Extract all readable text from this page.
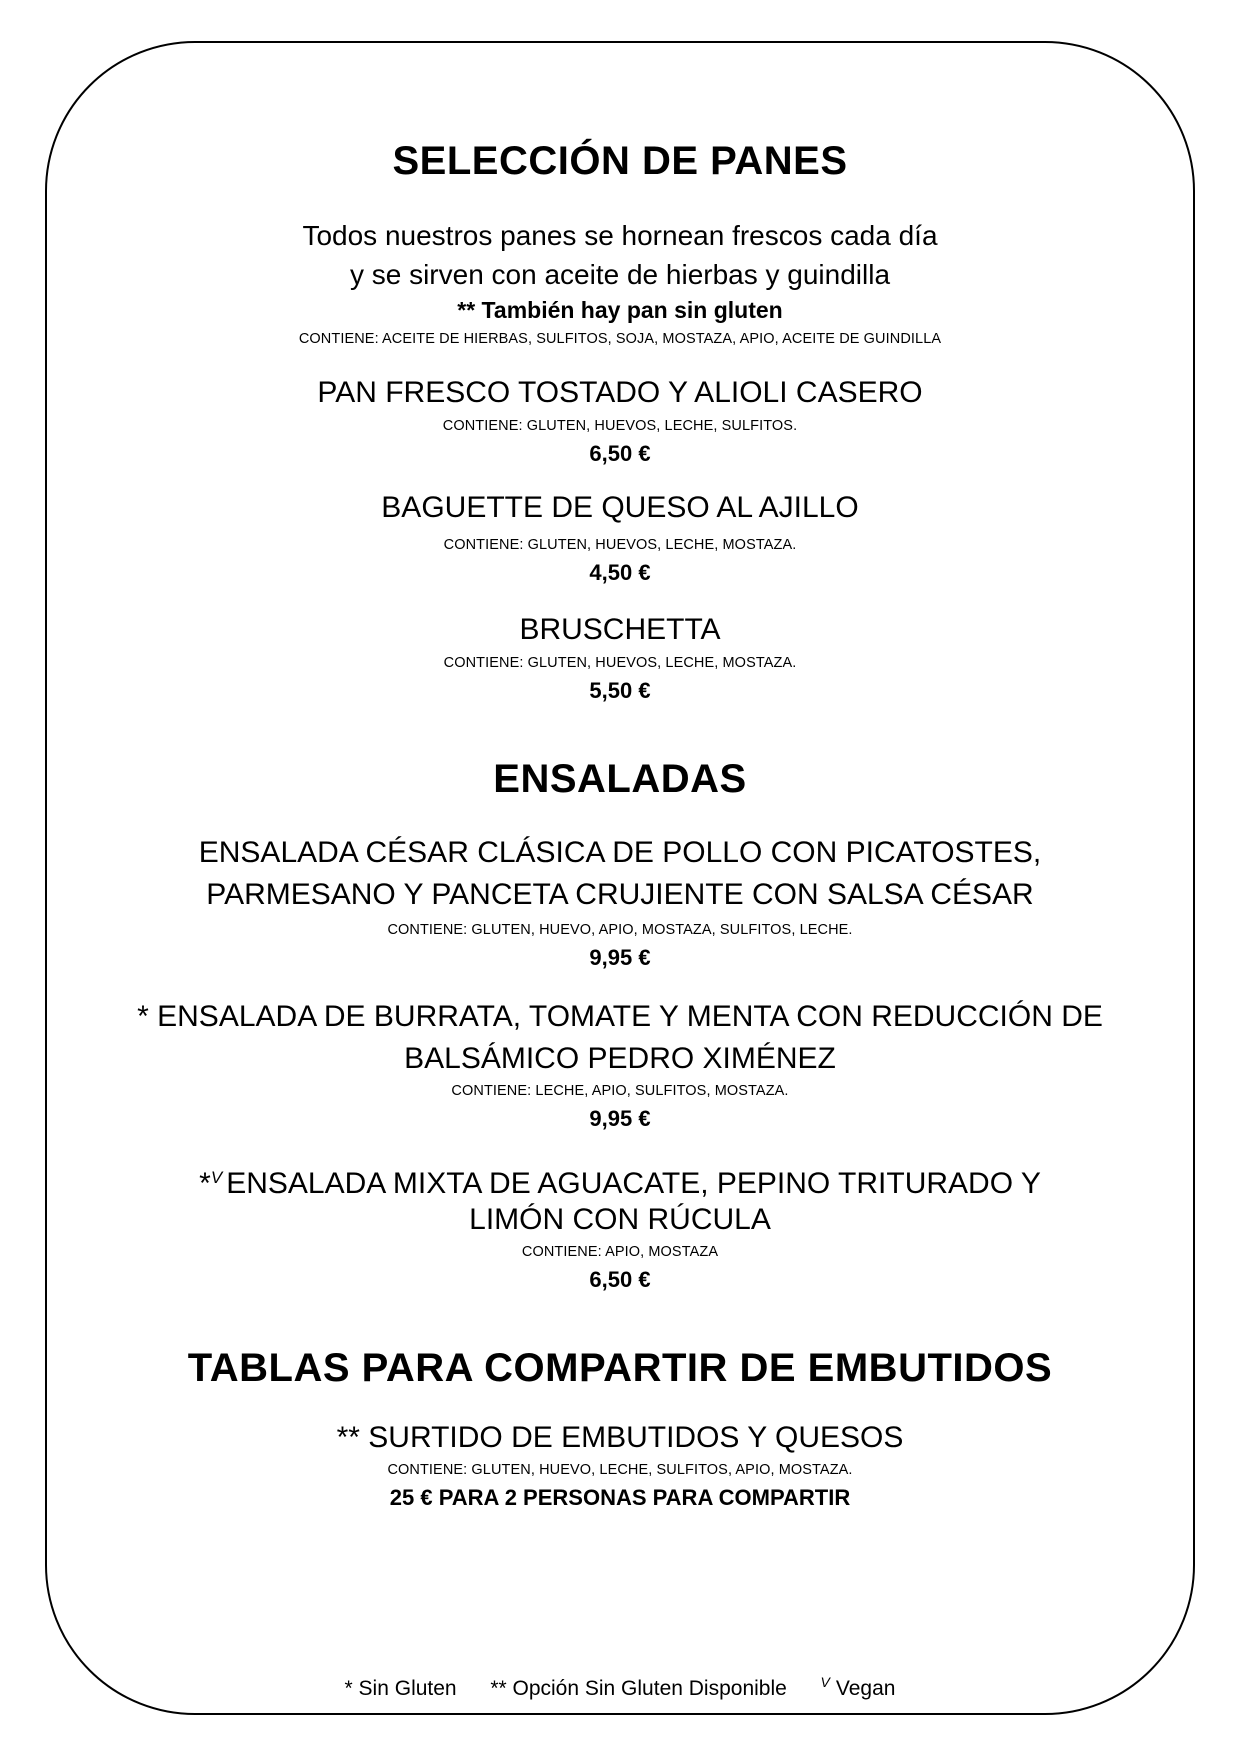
SELECCIÓN DE PANES
Todos nuestros panes se hornean frescos cada día
y se sirven con aceite de hierbas y guindilla
** También hay pan sin gluten
CONTIENE: ACEITE DE HIERBAS, SULFITOS, SOJA, MOSTAZA, APIO, ACEITE DE GUINDILLA
PAN FRESCO TOSTADO Y ALIOLI CASERO
CONTIENE: GLUTEN, HUEVOS, LECHE, SULFITOS.
6,50 €
BAGUETTE DE QUESO AL AJILLO
CONTIENE: GLUTEN, HUEVOS, LECHE, MOSTAZA.
4,50 €
BRUSCHETTA
CONTIENE: GLUTEN, HUEVOS, LECHE, MOSTAZA.
5,50 €
ENSALADAS
ENSALADA CÉSAR CLÁSICA DE POLLO CON PICATOSTES,
PARMESANO Y PANCETA CRUJIENTE CON SALSA CÉSAR
CONTIENE: GLUTEN, HUEVO, APIO, MOSTAZA, SULFITOS, LECHE.
9,95 €
* ENSALADA DE BURRATA, TOMATE Y MENTA CON REDUCCIÓN DE
BALSÁMICO PEDRO XIMÉNEZ
CONTIENE: LECHE, APIO, SULFITOS, MOSTAZA.
9,95 €
*$^V$ ENSALADA MIXTA DE AGUACATE, PEPINO TRITURADO Y
LIMÓN CON RÚCULA
CONTIENE: APIO, MOSTAZA
6,50 €
TABLAS PARA COMPARTIR DE EMBUTIDOS
** SURTIDO DE EMBUTIDOS Y QUESOS
CONTIENE: GLUTEN, HUEVO, LECHE, SULFITOS, APIO, MOSTAZA.
25 € PARA 2 PERSONAS PARA COMPARTIR
* Sin Gluten ** Opción Sin Gluten Disponible V Vegan
